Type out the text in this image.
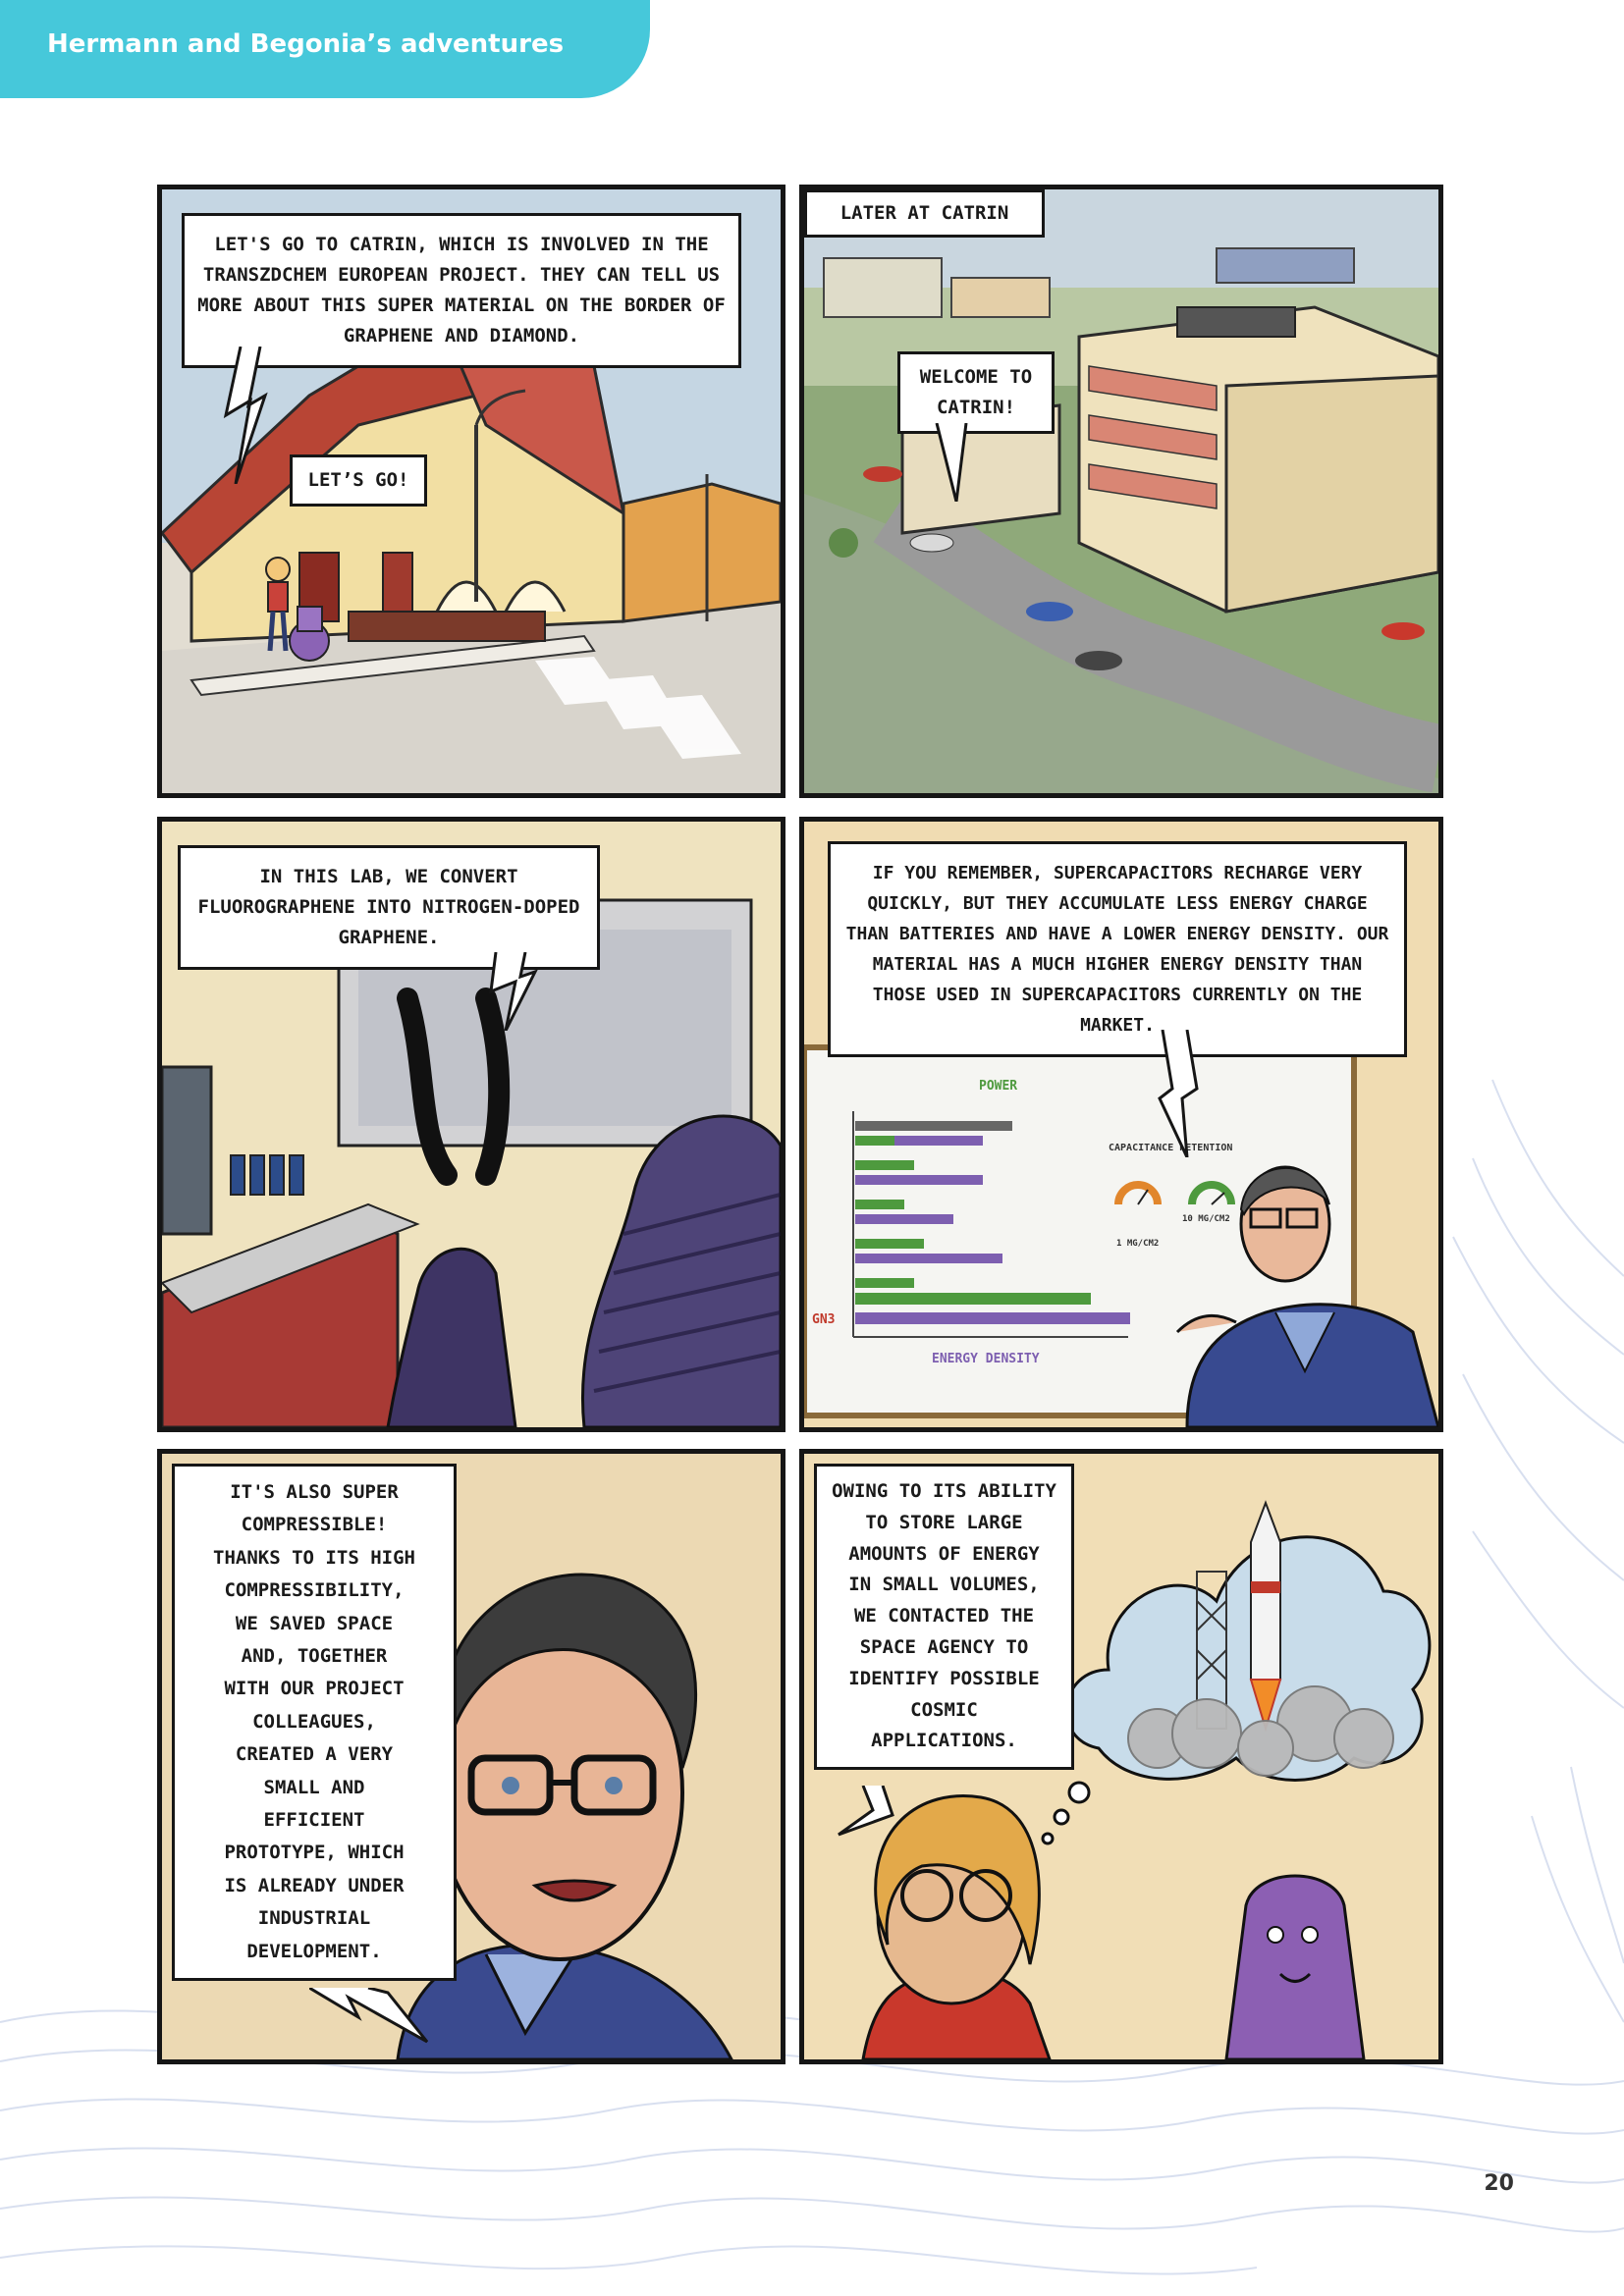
Hermann and Begonia’s adventures
LET'S GO TO CATRIN, WHICH IS INVOLVED IN THE TRANSZDCHEM EUROPEAN PROJECT. THEY CAN TELL US MORE ABOUT THIS SUPER MATERIAL ON THE BORDER OF GRAPHENE AND DIAMOND.
LET’S GO!
LATER AT CATRIN
WELCOME TO CATRIN!
IN THIS LAB, WE CONVERT FLUOROGRAPHENE INTO NITROGEN-DOPED GRAPHENE.
POWER
CAPACITANCE RETENTION
10 MG/CM2
1 MG/CM2
GN3
ENERGY DENSITY
IF YOU REMEMBER, SUPERCAPACITORS RECHARGE VERY QUICKLY, BUT THEY ACCUMULATE LESS ENERGY CHARGE THAN BATTERIES AND HAVE A LOWER ENERGY DENSITY. OUR MATERIAL HAS A MUCH HIGHER ENERGY DENSITY THAN THOSE USED IN SUPERCAPACITORS CURRENTLY ON THE MARKET.
IT'S ALSO SUPER
COMPRESSIBLE!
THANKS TO ITS HIGH
COMPRESSIBILITY,
WE SAVED SPACE
AND, TOGETHER
WITH OUR PROJECT
COLLEAGUES,
CREATED A VERY
SMALL AND
EFFICIENT
PROTOTYPE, WHICH
IS ALREADY UNDER
INDUSTRIAL
DEVELOPMENT.
OWING TO ITS ABILITY
TO STORE LARGE
AMOUNTS OF ENERGY
IN SMALL VOLUMES,
WE CONTACTED THE
SPACE AGENCY TO
IDENTIFY POSSIBLE
COSMIC
APPLICATIONS.
20
